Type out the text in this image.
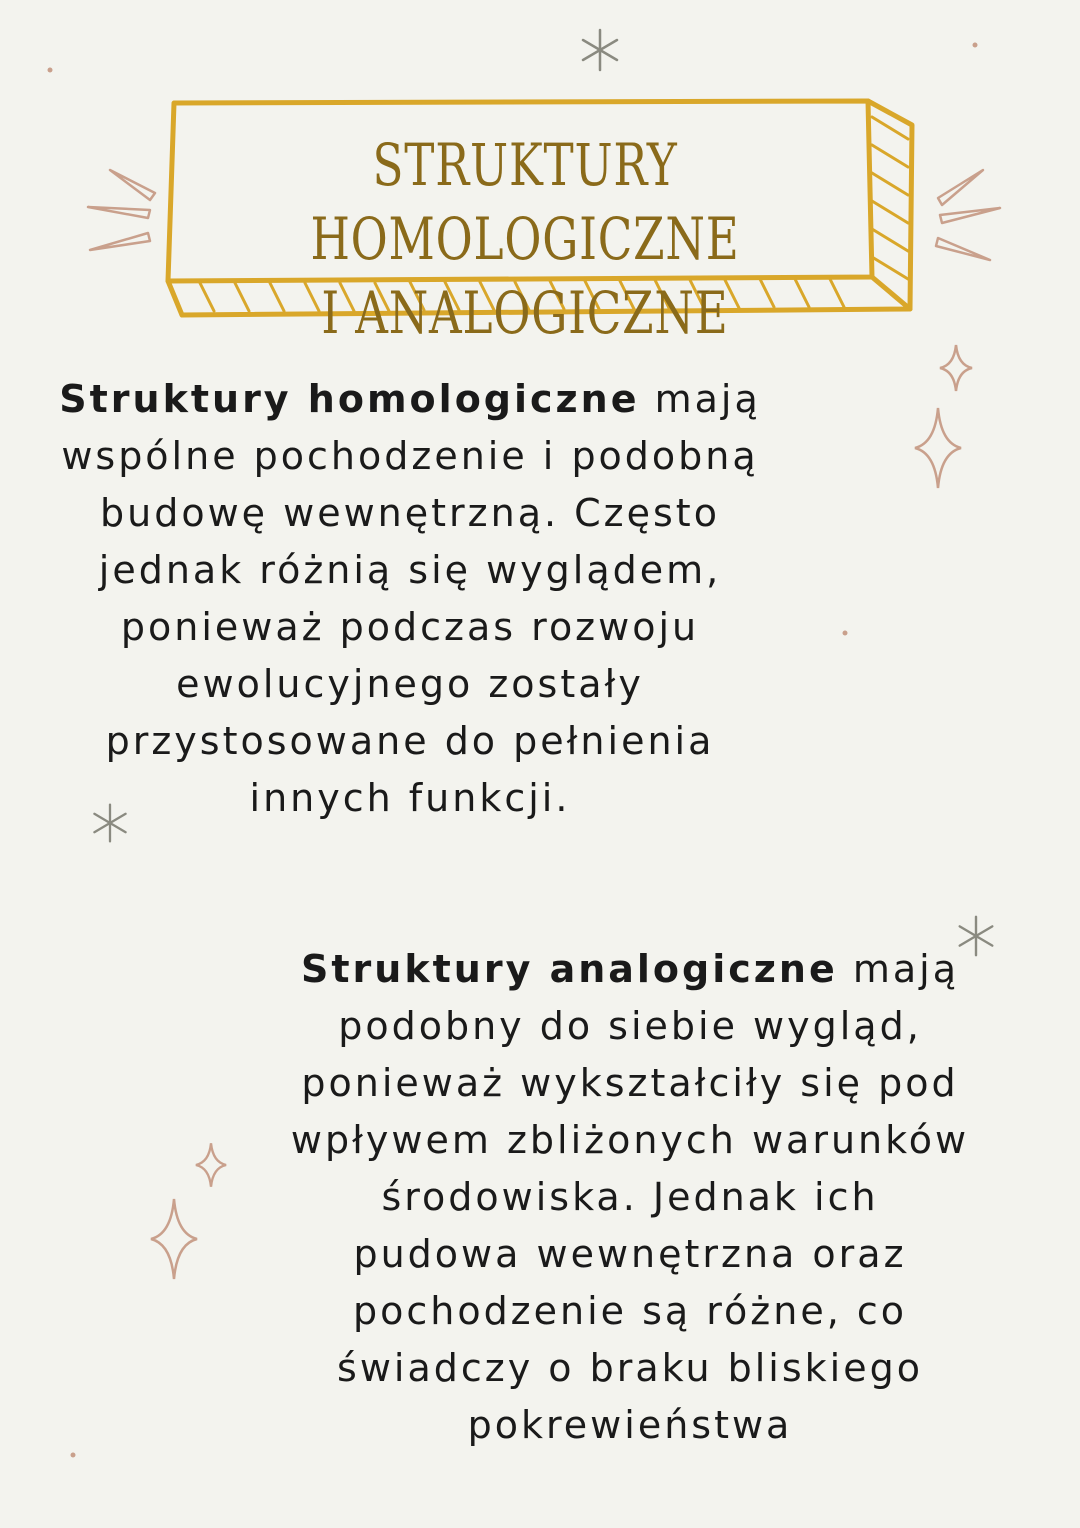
STRUKTURY HOMOLOGICZNE
I ANALOGICZNE
Struktury homologiczne mają wspólne pochodzenie i podobną budowę wewnętrzną. Często jednak różnią się wyglądem, ponieważ podczas rozwoju ewolucyjnego zostały przystosowane do pełnienia innych funkcji.
Struktury analogiczne mają podobny do siebie wygląd, ponieważ wykształciły się pod wpływem zbliżonych warunków środowiska. Jednak ich pudowa wewnętrzna oraz pochodzenie są różne, co świadczy o braku bliskiego pokrewieństwa
